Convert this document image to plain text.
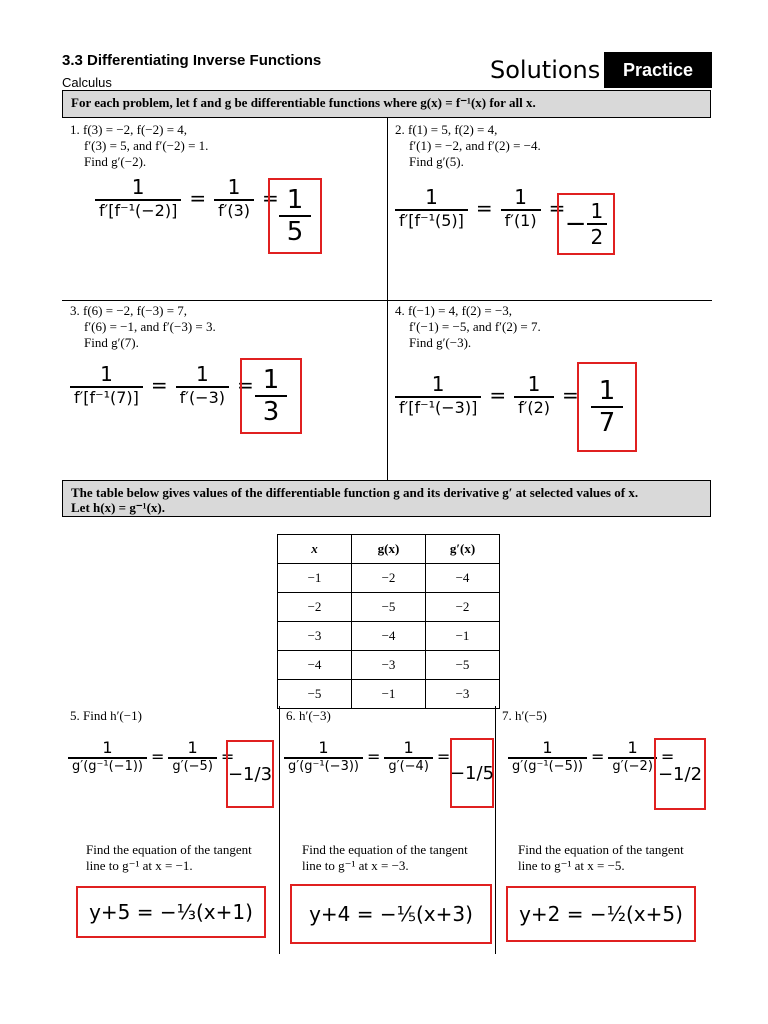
3.3 Differentiating Inverse Functions
Calculus	Solutions	Practice
For each problem, let f and g be differentiable functions where g(x) = f⁻¹(x) for all x.
1. f(3) = −2, f(−2) = 4,
f′(3) = 5, and f′(−2) = 1.
Find g′(−2).
$\frac{1}{\text{f′[f⁻¹(−2)]}} = \frac{1}{f'(3)} = 1$
5
2. f(1) = 5, f(2) = 4,
f′(1) = −2, and f′(2) = −4.
Find g′(5).
$\frac{1}{\text{f′[f⁻¹(5)]}} = \frac{1}{f'(1)}$ =
− $\frac{1}{2}$
3. f(6) = −2, f(−3) = 7,
f′(6) = −1, and f′(−3) = 3.
Find g′(7).
$\frac{1}{\text{f′[f⁻¹(7)]}} = \frac{1}{f'(-3)} = 1$
3
4. f(−1) = 4, f(2) = −3,
f′(−1) = −5, and f′(2) = 7.
Find g′(−3).
$\frac{1}{\text{f′[f⁻¹(−3)]}} = \frac{1}{f'(2)} = 1$
7
The table below gives values of the differentiable function g and its derivative g′ at selected values of x.
Let h(x) = g⁻¹(x).
x	g(x)	g′(x)
−1	−2	−4
−2	−5	−2
−3	−4	−1
−4	−3	−5
−5	−1	−3
5. Find h′(−1)
$\frac{1}{\text{g′(g⁻¹(−1))}} = \frac{1}{g'(-5)}$ =
−1/3
Find the equation of the tangent
line to g⁻¹ at x = −1.
y+5 = −⅓(x+1)
6. h′(−3)
$\frac{1}{\text{g′(g⁻¹(−3))}} = \frac{1}{g'(-4)}$ =
−1/5
Find the equation of the tangent
line to g⁻¹ at x = −3.
y+4 = −⅕(x+3)
7. h′(−5)
$\frac{1}{\text{g′(g⁻¹(−5))}} = \frac{1}{g'(-2)}$ =
−1/2
Find the equation of the tangent
line to g⁻¹ at x = −5.
y+2 = −½(x+5)
